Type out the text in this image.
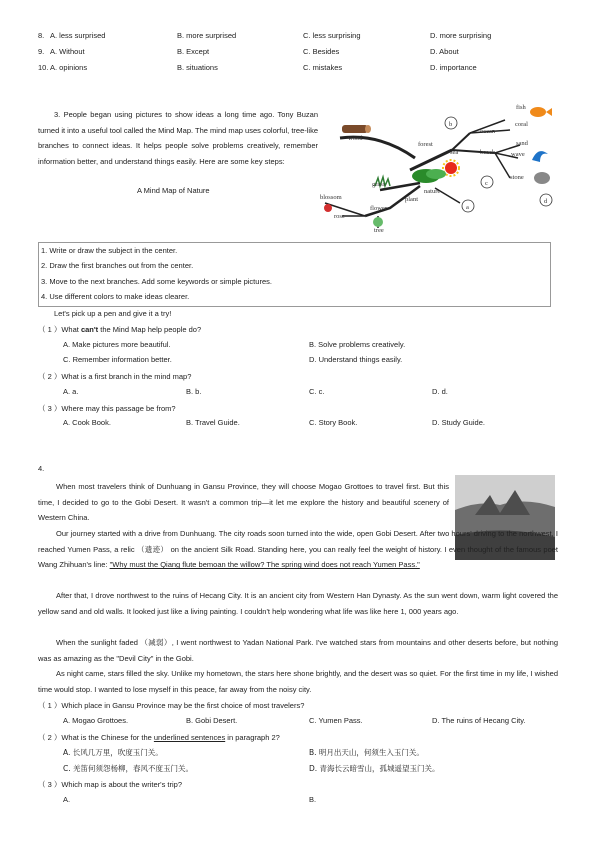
8. A. less surprised	B. more surprised	C. less surprising	D. more surprising
9. A. Without	B. Except	C. Besides	D. About
10. A. opinions	B. situations	C. mistakes	D. importance
3. People began using pictures to show ideas a long time ago. Tony Buzan turned it into a useful tool called the Mind Map. The mind map uses colorful, tree-like branches to connect ideas. It helps people solve problems creatively, remember information better, and understand things easily. Here are some key steps:
A Mind Map of Nature
wood
forest
sea
ocean
fish
coral
sand
wave
beach
stone
nature
grass
plant
blossom
flower
rose
tree
a
b
c
d
1. Write or draw the subject in the center.
2. Draw the first branches out from the center.
3. Move to the next branches. Add some keywords or simple pictures.
4. Use different colors to make ideas clearer.
Let's pick up a pen and give it a try!
（ 1 ）What can't the Mind Map help people do?
A. Make pictures more beautiful.	B. Solve problems creatively.
C. Remember information better.	D. Understand things easily.
（ 2 ）What is a first branch in the mind map?
A. a.	B. b.	C. c.	D. d.
（ 3 ）Where may this passage be from?
A. Cook Book.	B. Travel Guide.	C. Story Book.	D. Study Guide.
4.
When most travelers think of Dunhuang in Gansu Province, they will choose Mogao Grottoes to travel first. But this time, I decided to go to the Gobi Desert. It wasn't a common trip—it let me explore the history and beautiful scenery of Western China.
Our journey started with a drive from Dunhuang. The city roads soon turned into the wide, open Gobi Desert. After two hours' driving to the northwest, I reached Yumen Pass, a relic （遗迹） on the ancient Silk Road. Standing here, you can really feel the weight of history. I even thought of the famous poet Wang Zhihuan's line: "Why must the Qiang flute bemoan the willow? The spring wind does not reach Yumen Pass."
After that, I drove northwest to the ruins of Hecang City. It is an ancient city from Western Han Dynasty. As the sun went down, warm light covered the yellow sand and old walls. It looked just like a living painting. I couldn't help wondering what life was like here 1, 000 years ago.
When the sunlight faded （减弱）, I went northwest to Yadan National Park. I've watched stars from mountains and other deserts before, but nothing was as amazing as the "Devil City" in the Gobi.
As night came, stars filled the sky. Unlike my hometown, the stars here shone brightly, and the desert was so quiet. For the first time in my life, I wished time would stop. I wanted to lose myself in this peace, far away from the noisy city.
（ 1 ）Which place in Gansu Province may be the first choice of most travelers?
A. Mogao Grottoes.	B. Gobi Desert.	C. Yumen Pass.	D. The ruins of Hecang City.
（ 2 ）What is the Chinese for the underlined sentences in paragraph 2?
A. 长风几万里，吹度玉门关。	B. 明月出天山，何须生入玉门关。
C. 羌笛何须怨杨柳，春风不度玉门关。	D. 青海长云暗雪山，孤城遥望玉门关。
（ 3 ）Which map is about the writer's trip?
A.	B.
